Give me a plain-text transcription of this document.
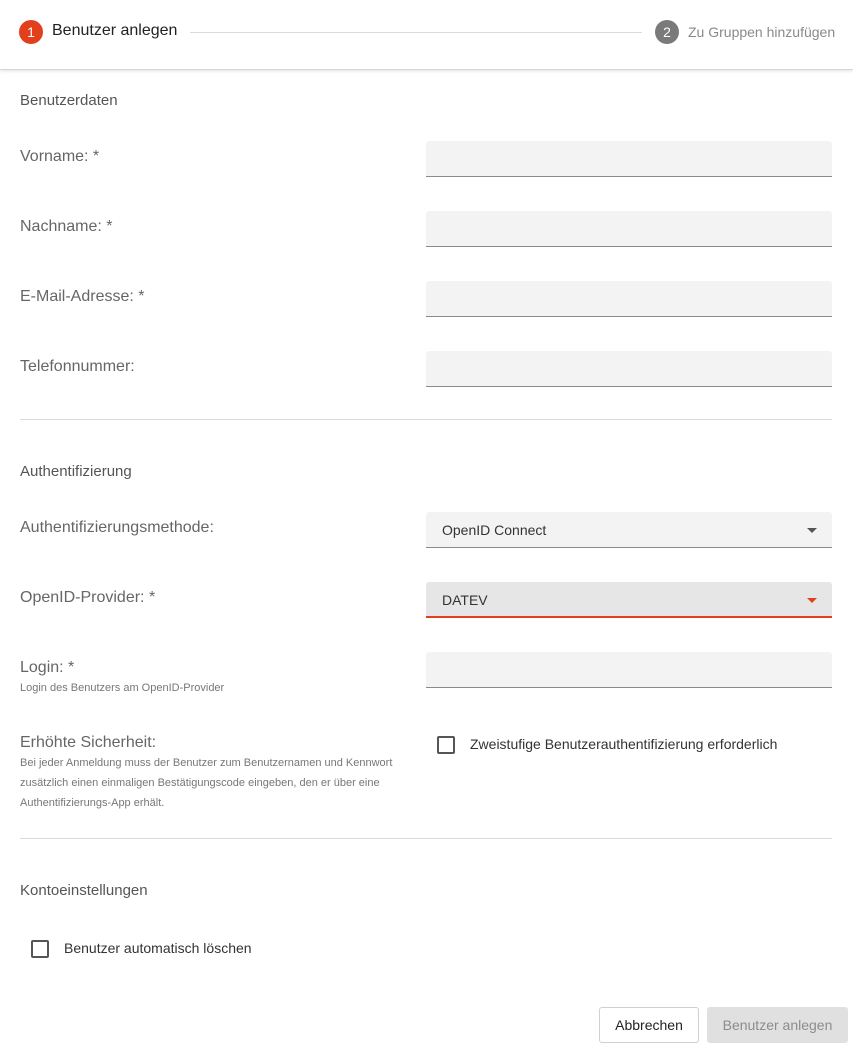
1	Benutzer anlegen	2	Zu Gruppen hinzufügen
Benutzerdaten
Vorname: *
Nachname: *
E-Mail-Adresse: *
Telefonnummer:
Authentifizierung
Authentifizierungsmethode:	OpenID Connect
OpenID-Provider: *	DATEV
Login: *
Login des Benutzers am OpenID-Provider
Erhöhte Sicherheit:
Bei jeder Anmeldung muss der Benutzer zum Benutzernamen und Kennwort
zusätzlich einen einmaligen Bestätigungscode eingeben, den er über eine
Authentifizierungs-App erhält.
Zweistufige Benutzerauthentifizierung erforderlich
Kontoeinstellungen
Benutzer automatisch löschen
Abbrechen	Benutzer anlegen
